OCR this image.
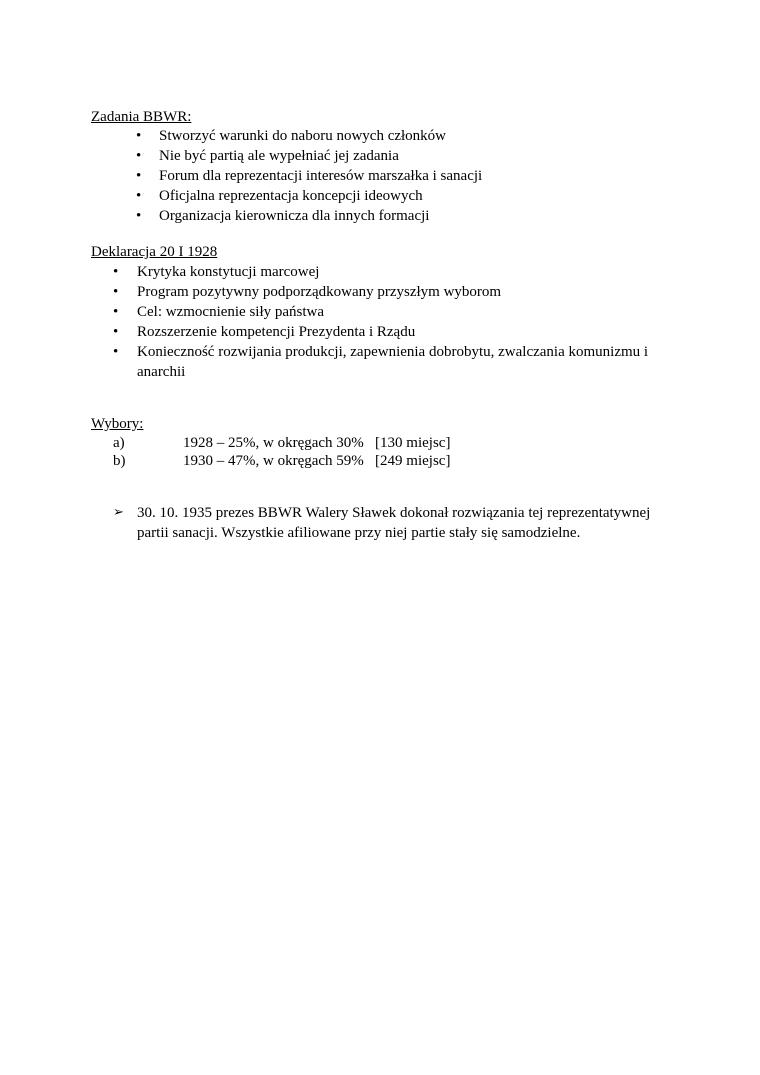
Zadania BBWR:
•	Stworzyć warunki do naboru nowych członków
•	Nie być partią ale wypełniać jej zadania
•	Forum dla reprezentacji interesów marszałka i sanacji
•	Oficjalna reprezentacja koncepcji ideowych
•	Organizacja kierownicza dla innych formacji
Deklaracja 20 I 1928
•	Krytyka konstytucji marcowej
•	Program pozytywny podporządkowany przyszłym wyborom
•	Cel: wzmocnienie siły państwa
•	Rozszerzenie kompetencji Prezydenta i Rządu
•	Konieczność rozwijania produkcji, zapewnienia dobrobytu, zwalczania komunizmu i anarchii
Wybory:
a)	1928 – 25%, w okręgach 30%   [130 miejsc]
b)	1930 – 47%, w okręgach 59%   [249 miejsc]
➢ 30. 10. 1935 prezes BBWR Walery Sławek dokonał rozwiązania tej reprezentatywnej partii sanacji. Wszystkie afiliowane przy niej partie stały się samodzielne.
